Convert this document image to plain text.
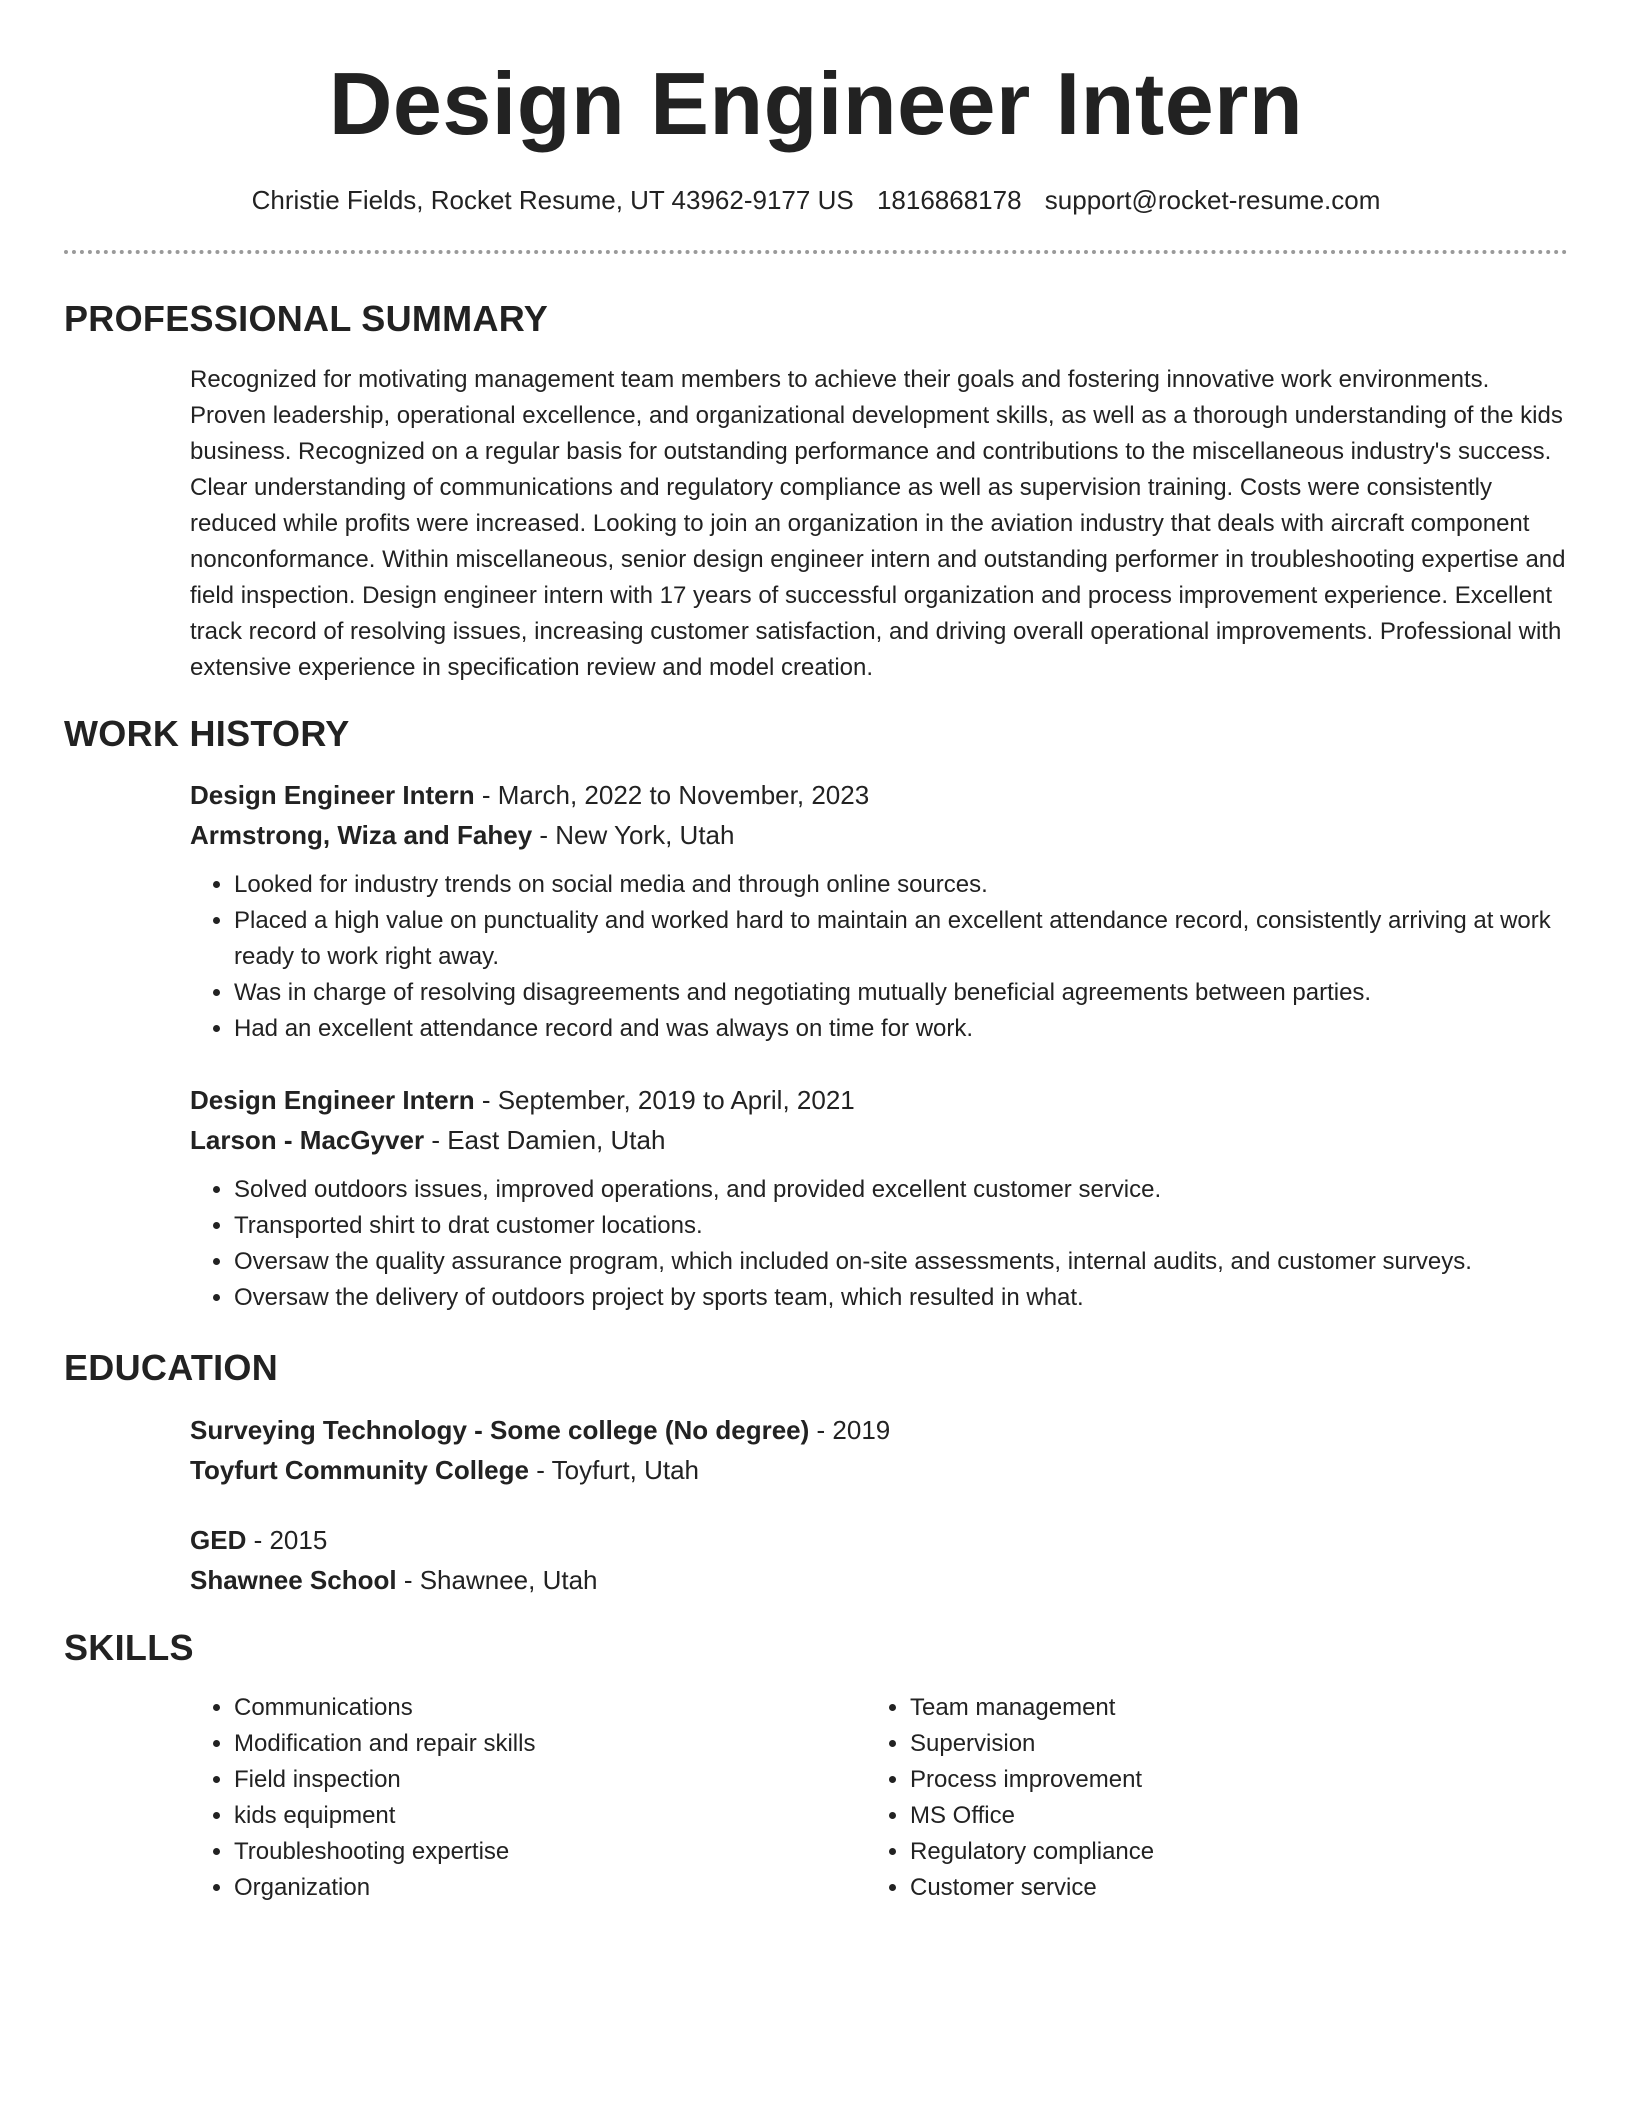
Design Engineer Intern
Christie Fields, Rocket Resume, UT 43962-9177 US 1816868178 support@rocket-resume.com
PROFESSIONAL SUMMARY
Recognized for motivating management team members to achieve their goals and fostering innovative work environments. Proven leadership, operational excellence, and organizational development skills, as well as a thorough understanding of the kids business. Recognized on a regular basis for outstanding performance and contributions to the miscellaneous industry's success. Clear understanding of communications and regulatory compliance as well as supervision training. Costs were consistently reduced while profits were increased. Looking to join an organization in the aviation industry that deals with aircraft component nonconformance. Within miscellaneous, senior design engineer intern and outstanding performer in troubleshooting expertise and field inspection. Design engineer intern with 17 years of successful organization and process improvement experience. Excellent track record of resolving issues, increasing customer satisfaction, and driving overall operational improvements. Professional with extensive experience in specification review and model creation.
WORK HISTORY
Design Engineer Intern - March, 2022 to November, 2023
Armstrong, Wiza and Fahey - New York, Utah
• Looked for industry trends on social media and through online sources.
• Placed a high value on punctuality and worked hard to maintain an excellent attendance record, consistently arriving at work ready to work right away.
• Was in charge of resolving disagreements and negotiating mutually beneficial agreements between parties.
• Had an excellent attendance record and was always on time for work.
Design Engineer Intern - September, 2019 to April, 2021
Larson - MacGyver - East Damien, Utah
• Solved outdoors issues, improved operations, and provided excellent customer service.
• Transported shirt to drat customer locations.
• Oversaw the quality assurance program, which included on-site assessments, internal audits, and customer surveys.
• Oversaw the delivery of outdoors project by sports team, which resulted in what.
EDUCATION
Surveying Technology - Some college (No degree) - 2019
Toyfurt Community College - Toyfurt, Utah
GED - 2015
Shawnee School - Shawnee, Utah
SKILLS
• Communications
• Modification and repair skills
• Field inspection
• kids equipment
• Troubleshooting expertise
• Organization
• Team management
• Supervision
• Process improvement
• MS Office
• Regulatory compliance
• Customer service
